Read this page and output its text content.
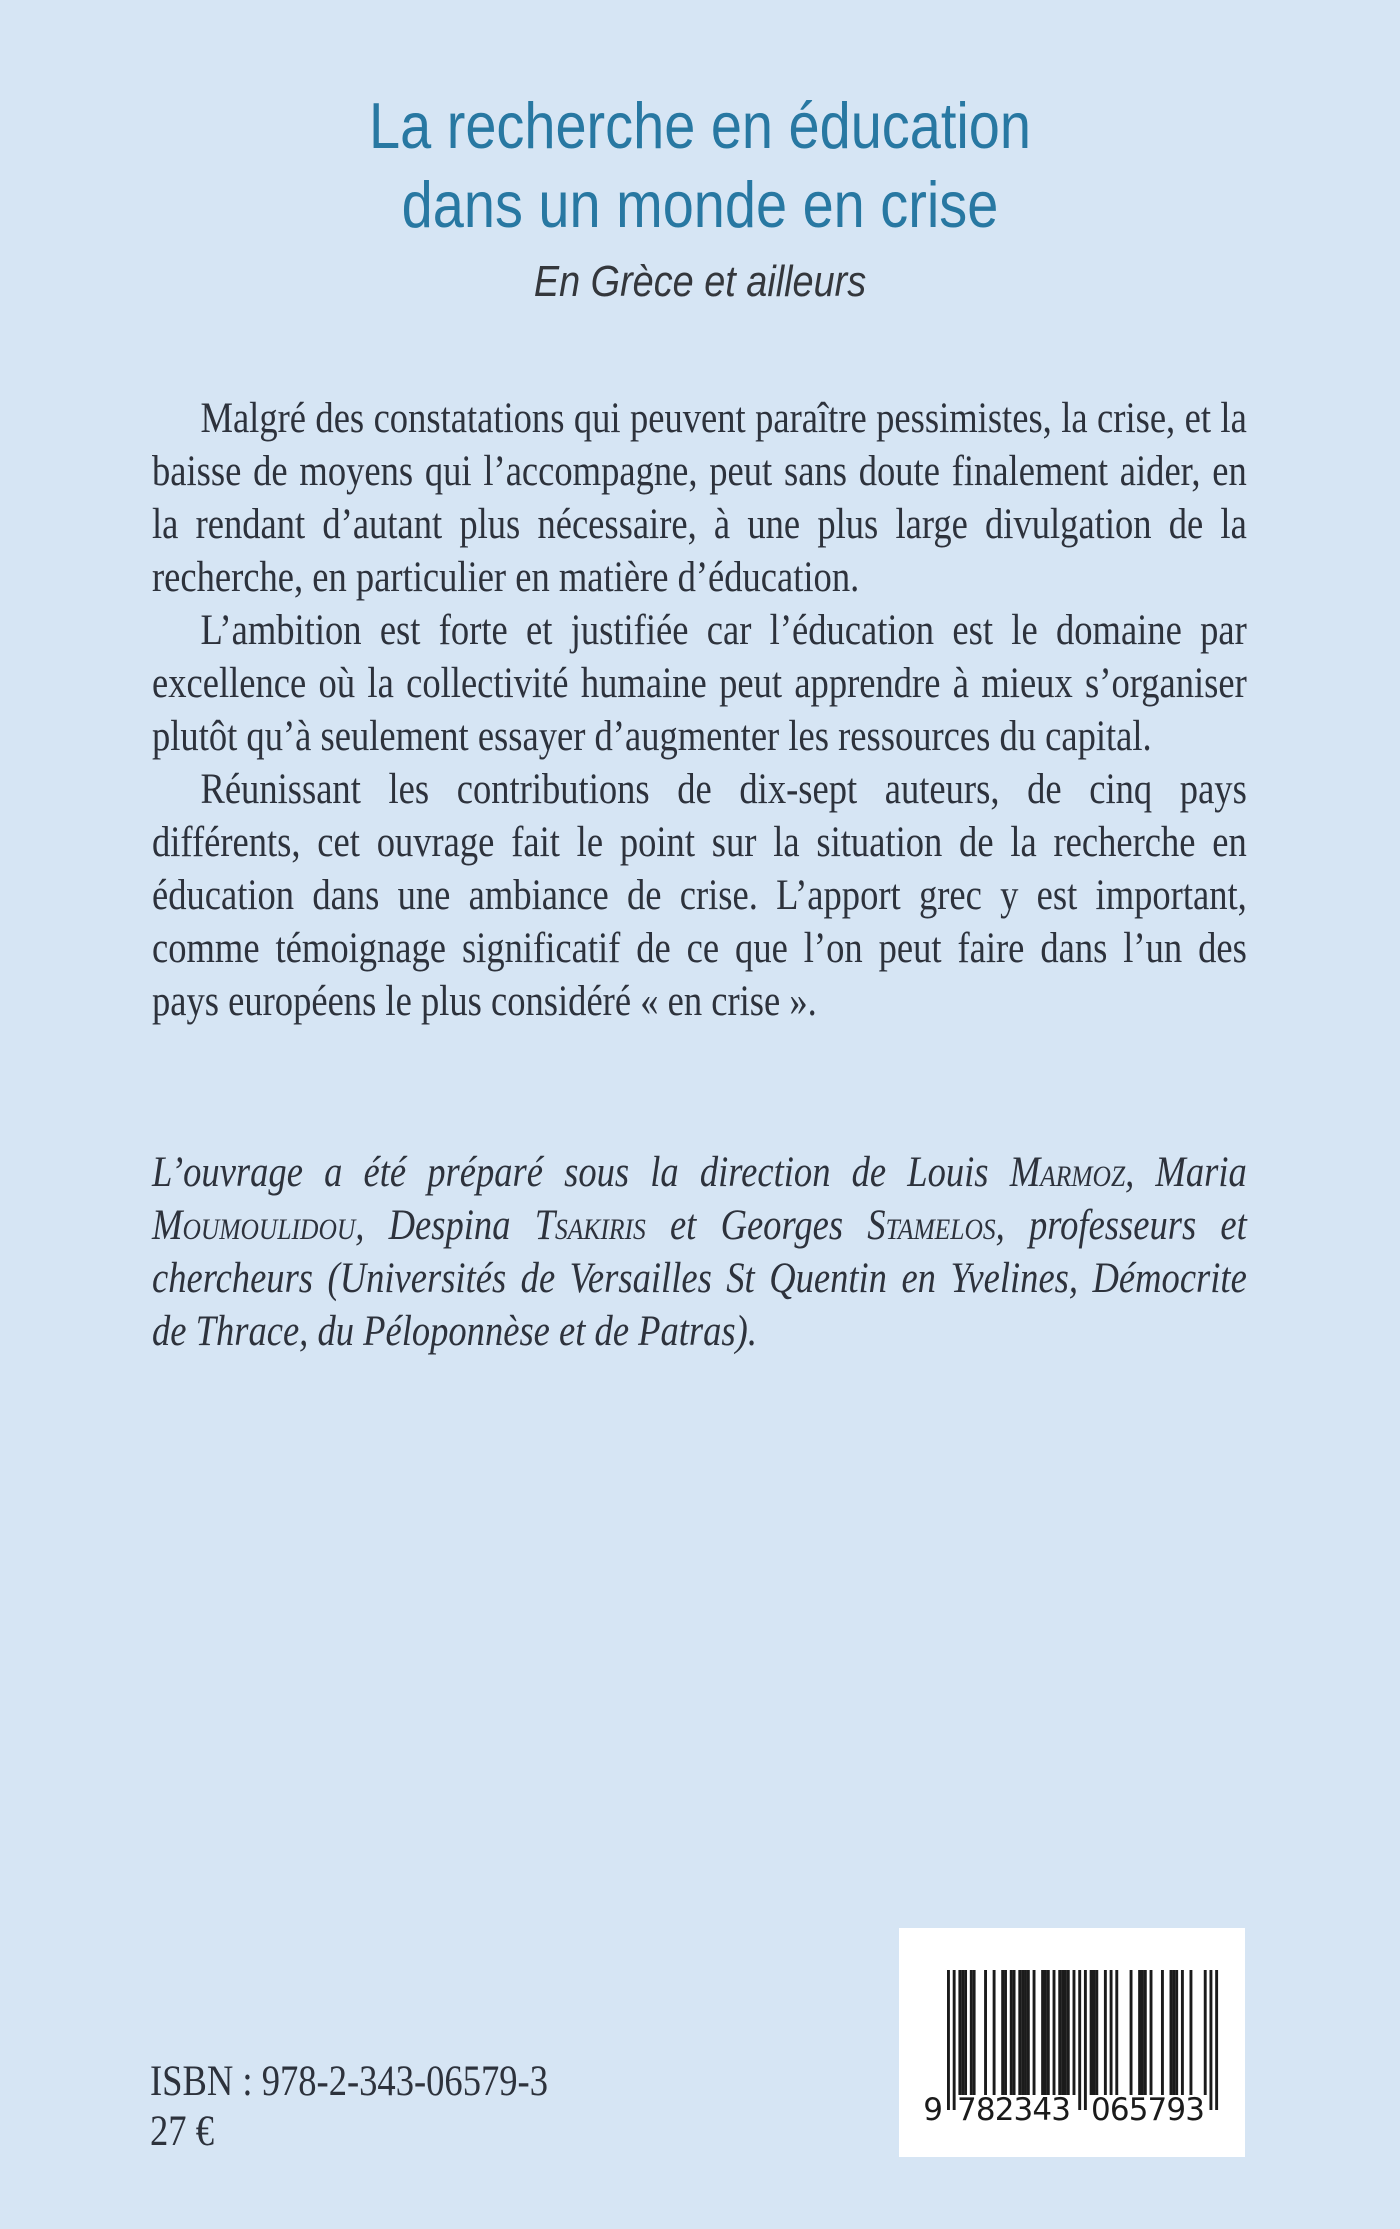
La recherche en éducation
dans un monde en crise
En Grèce et ailleurs

Malgré des constatations qui peuvent paraître pessimistes, la crise, et la baisse de moyens qui l’accompagne, peut sans doute finalement aider, en la rendant d’autant plus nécessaire, à une plus large divulgation de la recherche, en particulier en matière d’éducation.

L’ambition est forte et justifiée car l’éducation est le domaine par excellence où la collectivité humaine peut apprendre à mieux s’organiser plutôt qu’à seulement essayer d’augmenter les ressources du capital.

Réunissant les contributions de dix-sept auteurs, de cinq pays différents, cet ouvrage fait le point sur la situation de la recherche en éducation dans une ambiance de crise. L’apport grec y est important, comme témoignage significatif de ce que l’on peut faire dans l’un des pays européens le plus considéré « en crise ».

L’ouvrage a été préparé sous la direction de Louis Marmoz, Maria Moumoulidou, Despina Tsakiris et Georges Stamelos, professeurs et chercheurs (Universités de Versailles St Quentin en Yvelines, Démocrite de Thrace, du Péloponnèse et de Patras).
ISBN : 978-2-343-06579-3
27 €	9 782343 065793
